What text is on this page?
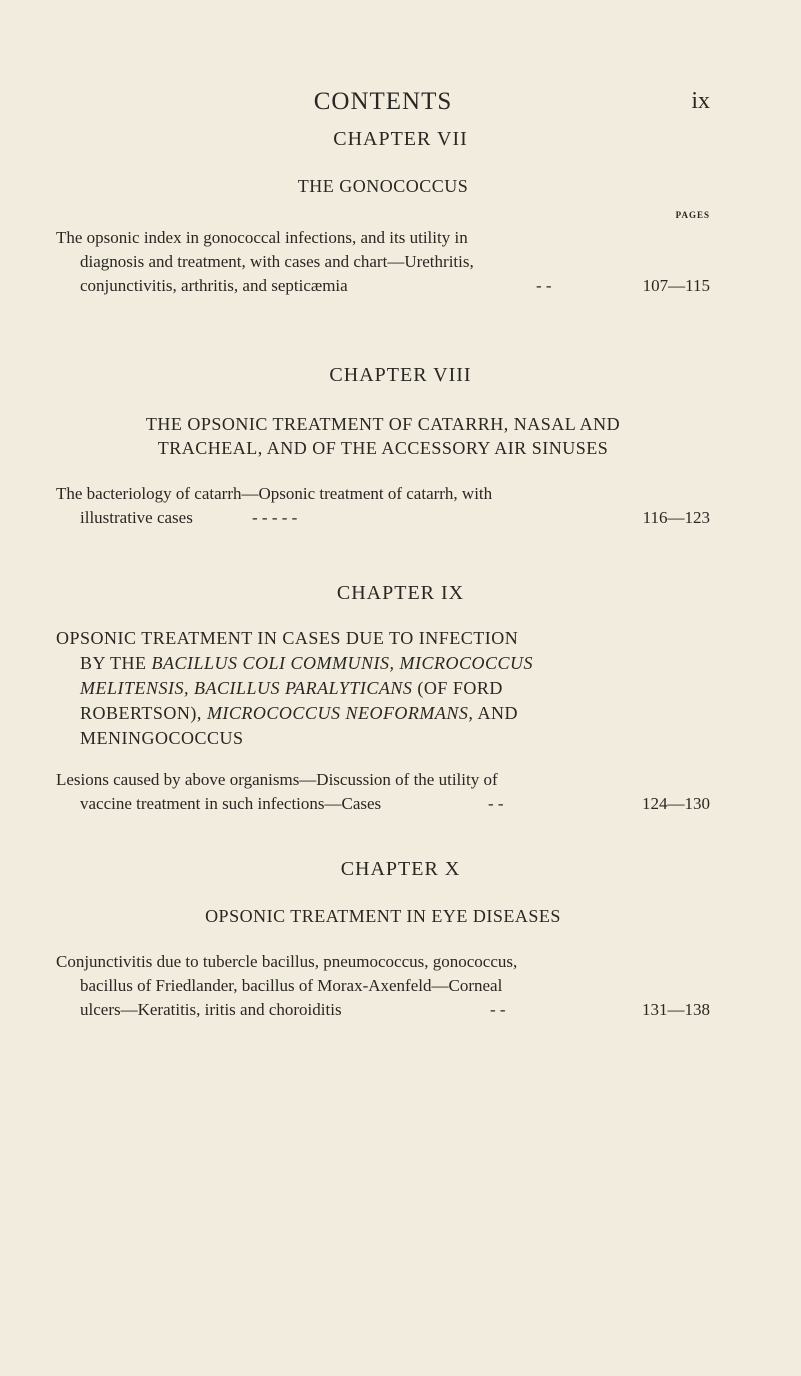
CONTENTS	ix
CHAPTER VII
THE GONOCOCCUS
PAGES
The opsonic index in gonococcal infections, and its utility in
diagnosis and treatment, with cases and chart—Urethritis,
conjunctivitis, arthritis, and septicæmia	- -	107—115
CHAPTER VIII
THE OPSONIC TREATMENT OF CATARRH, NASAL AND
TRACHEAL, AND OF THE ACCESSORY AIR SINUSES
The bacteriology of catarrh—Opsonic treatment of catarrh, with
illustrative cases	- - - - -	116—123
CHAPTER IX
OPSONIC TREATMENT IN CASES DUE TO INFECTION
BY THE BACILLUS COLI COMMUNIS, MICROCOCCUS
MELITENSIS, BACILLUS PARALYTICANS (OF FORD
ROBERTSON), MICROCOCCUS NEOFORMANS, AND
MENINGOCOCCUS
Lesions caused by above organisms—Discussion of the utility of
vaccine treatment in such infections—Cases	- -	124—130
CHAPTER X
OPSONIC TREATMENT IN EYE DISEASES
Conjunctivitis due to tubercle bacillus, pneumococcus, gonococcus,
bacillus of Friedlander, bacillus of Morax-Axenfeld—Corneal
ulcers—Keratitis, iritis and choroiditis	- -	131—138
